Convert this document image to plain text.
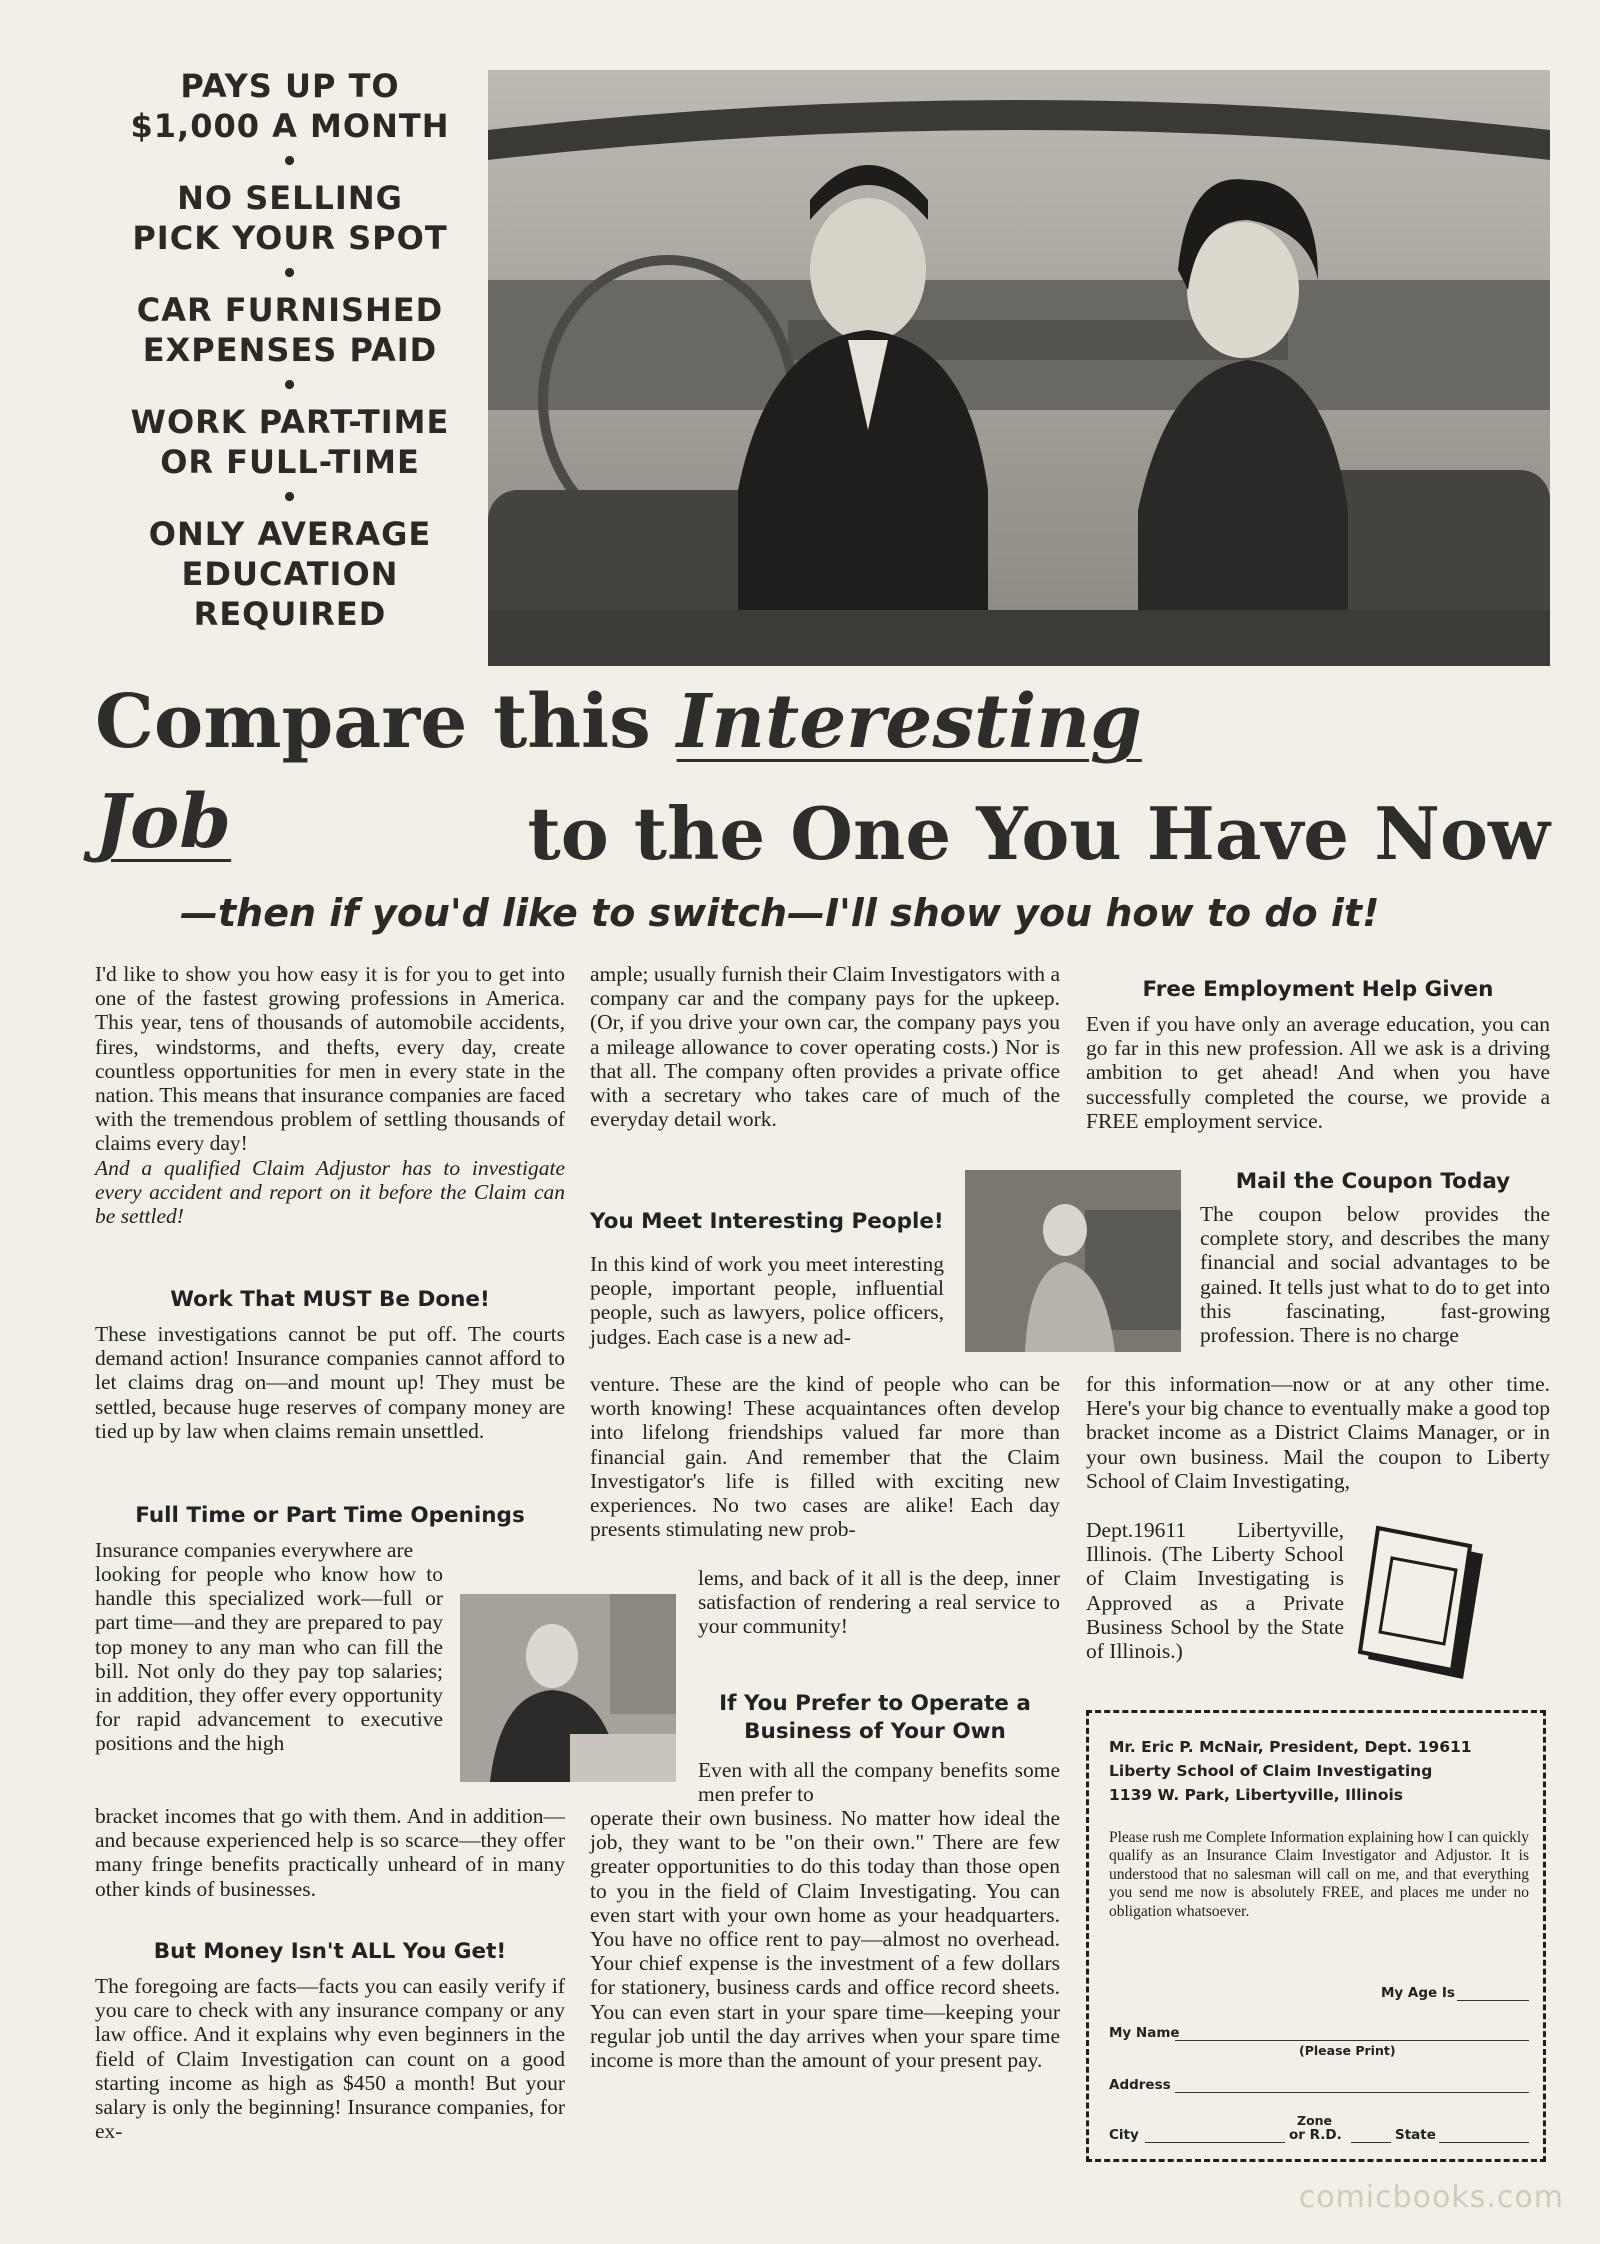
PAYS UP TO
$1,000 A MONTH
•
NO SELLING
PICK YOUR SPOT
•
CAR FURNISHED
EXPENSES PAID
•
WORK PART-TIME
OR FULL-TIME
•
ONLY AVERAGE
EDUCATION
REQUIRED
Compare this Interesting Job	to the One You Have Now
—then if you'd like to switch—I'll show you how to do it!

I'd like to show you how easy it is for you to get into one of the fastest growing professions in America. This year, tens of thousands of automobile accidents, fires, windstorms, and thefts, every day, create countless opportunities for men in every state in the nation. This means that insurance companies are faced with the tremendous problem of settling thousands of claims every day!

And a qualified Claim Adjustor has to investigate every accident and report on it before the Claim can be settled!

Work That MUST Be Done!

These investigations cannot be put off. The courts demand action! Insurance companies cannot afford to let claims drag on—and mount up! They must be settled, because huge reserves of company money are tied up by law when claims remain unsettled.

Full Time or Part Time Openings

Insurance companies everywhere are

looking for people who know how to handle this specialized work—full or part time—and they are prepared to pay top money to any man who can fill the bill. Not only do they pay top salaries; in addition, they offer every opportunity for rapid advancement to executive positions and the high

bracket incomes that go with them. And in addition—and because experienced help is so scarce—they offer many fringe benefits practically unheard of in many other kinds of businesses.

But Money Isn't ALL You Get!

The foregoing are facts—facts you can easily verify if you care to check with any insurance company or any law office. And it explains why even beginners in the field of Claim Investigation can count on a good starting income as high as $450 a month! But your salary is only the beginning! Insurance companies, for ex-

ample; usually furnish their Claim Investigators with a company car and the company pays for the upkeep. (Or, if you drive your own car, the company pays you a mileage allowance to cover operating costs.) Nor is that all. The company often provides a private office with a secretary who takes care of much of the everyday detail work.

You Meet Interesting People!

In this kind of work you meet interesting people, important people, influential people, such as lawyers, police officers, judges. Each case is a new ad-

venture. These are the kind of people who can be worth knowing! These acquaintances often develop into lifelong friendships valued far more than financial gain. And remember that the Claim Investigator's life is filled with exciting new experiences. No two cases are alike! Each day presents stimulating new prob-

lems, and back of it all is the deep, inner satisfaction of rendering a real service to your community!

If You Prefer to Operate a
Business of Your Own

Even with all the company benefits some men prefer to

operate their own business. No matter how ideal the job, they want to be "on their own." There are few greater opportunities to do this today than those open to you in the field of Claim Investigating. You can even start with your own home as your headquarters. You have no office rent to pay—almost no overhead. Your chief expense is the investment of a few dollars for stationery, business cards and office record sheets. You can even start in your spare time—keeping your regular job until the day arrives when your spare time income is more than the amount of your present pay.

Free Employment Help Given

Even if you have only an average education, you can go far in this new profession. All we ask is a driving ambition to get ahead! And when you have successfully completed the course, we provide a FREE employment service.

Mail the Coupon Today

The coupon below provides the complete story, and describes the many financial and social advantages to be gained. It tells just what to do to get into this fascinating, fast-growing profession. There is no charge

for this information—now or at any other time. Here's your big chance to eventually make a good top bracket income as a District Claims Manager, or in your own business. Mail the coupon to Liberty School of Claim Investigating,

Dept.19611 Libertyville, Illinois. (The Liberty School of Claim Investigating is Approved as a Private Business School by the State of Illinois.)

Mr. Eric P. McNair, President, Dept. 19611
Liberty School of Claim Investigating
1139 W. Park, Libertyville, Illinois
Please rush me Complete Information explaining how I can quickly qualify as an Insurance Claim Investigator and Adjustor. It is understood that no salesman will call on me, and that everything you send me now is absolutely FREE, and places me under no obligation whatsoever.
My Age Is
My Name
(Please Print)
Address
City
Zone
or R.D.	State
comicbooks.com
